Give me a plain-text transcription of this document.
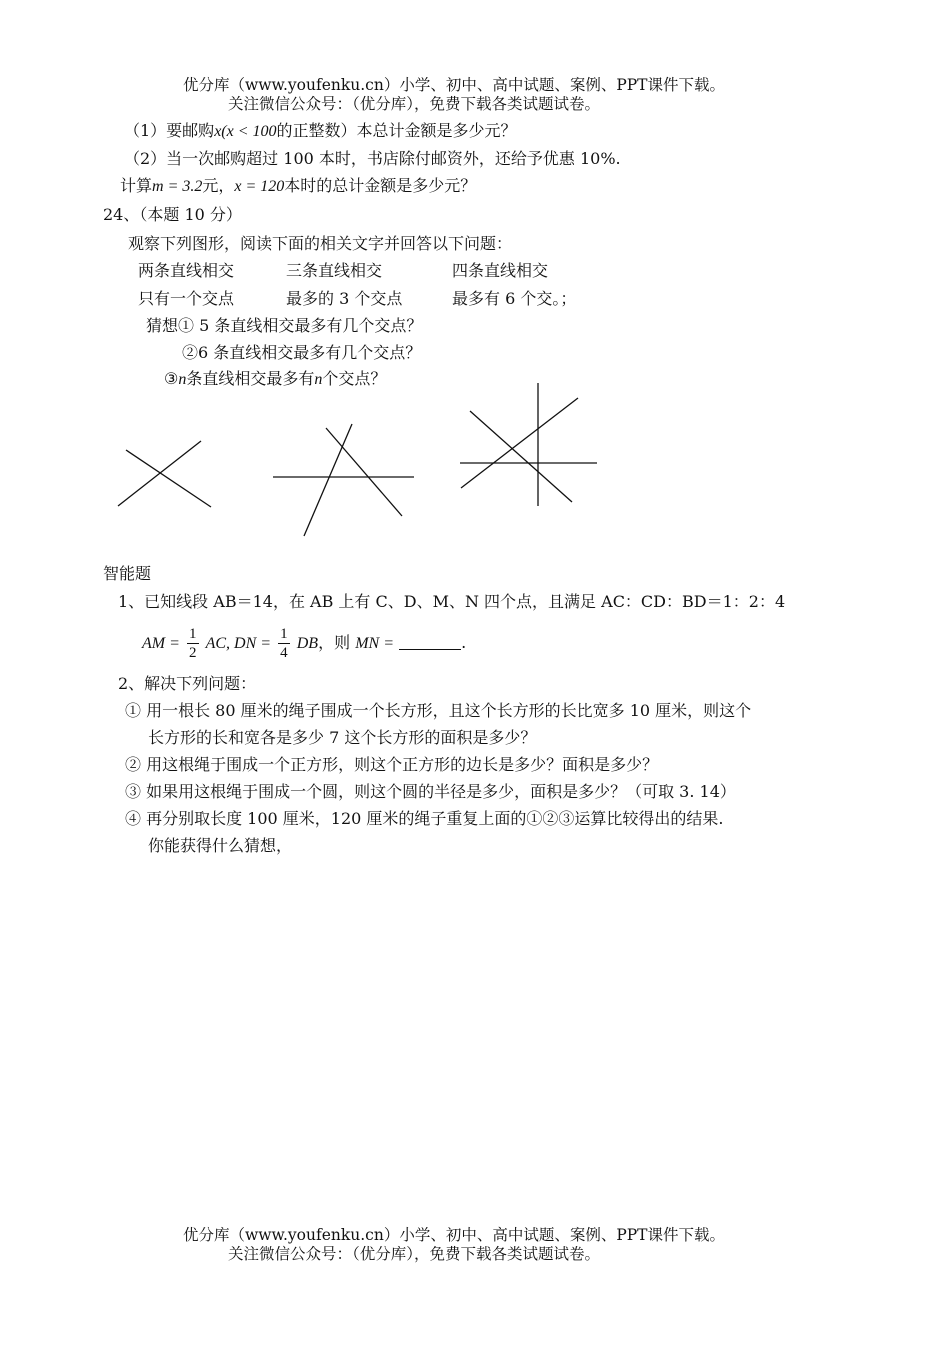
优分库（www.youfenku.cn）小学、初中、高中试题、案例、PPT课件下载。
关注微信公众号：（优分库），免费下载各类试题试卷。
（1）要邮购x(x < 100的正整数）本总计金额是多少元？
（2）当一次邮购超过 100 本时，书店除付邮资外，还给予优惠 10%.
计算m = 3.2元，x = 120本时的总计金额是多少元？
24、（本题 10 分）
观察下列图形，阅读下面的相关文字并回答以下问题：
两条直线相交	三条直线相交	四条直线相交
只有一个交点	最多的 3 个交点	最多有 6 个交。；
猜想① 5 条直线相交最多有几个交点？
②6 条直线相交最多有几个交点？
③n条直线相交最多有n个交点？
智能题
1、已知线段 AB＝14，在 AB 上有 C、D、M、N 四个点，且满足 AC：CD：BD＝1：2：4
AM = $\frac{1}{2}$ AC, DN = $\frac{1}{4}$ DB，则 MN =	.
2、解决下列问题：
① 用一根长 80 厘米的绳子围成一个长方形，且这个长方形的长比宽多 10 厘米，则这个
长方形的长和宽各是多少 7 这个长方形的面积是多少？
② 用这根绳于围成一个正方形，则这个正方形的边长是多少？面积是多少？
③ 如果用这根绳于围成一个圆，则这个圆的半径是多少，面积是多少？（可取 3. 14）
④ 再分别取长度 100 厘米，120 厘米的绳子重复上面的①②③运算比较得出的结果.
你能获得什么猜想，
优分库（www.youfenku.cn）小学、初中、高中试题、案例、PPT课件下载。
关注微信公众号：（优分库），免费下载各类试题试卷。
